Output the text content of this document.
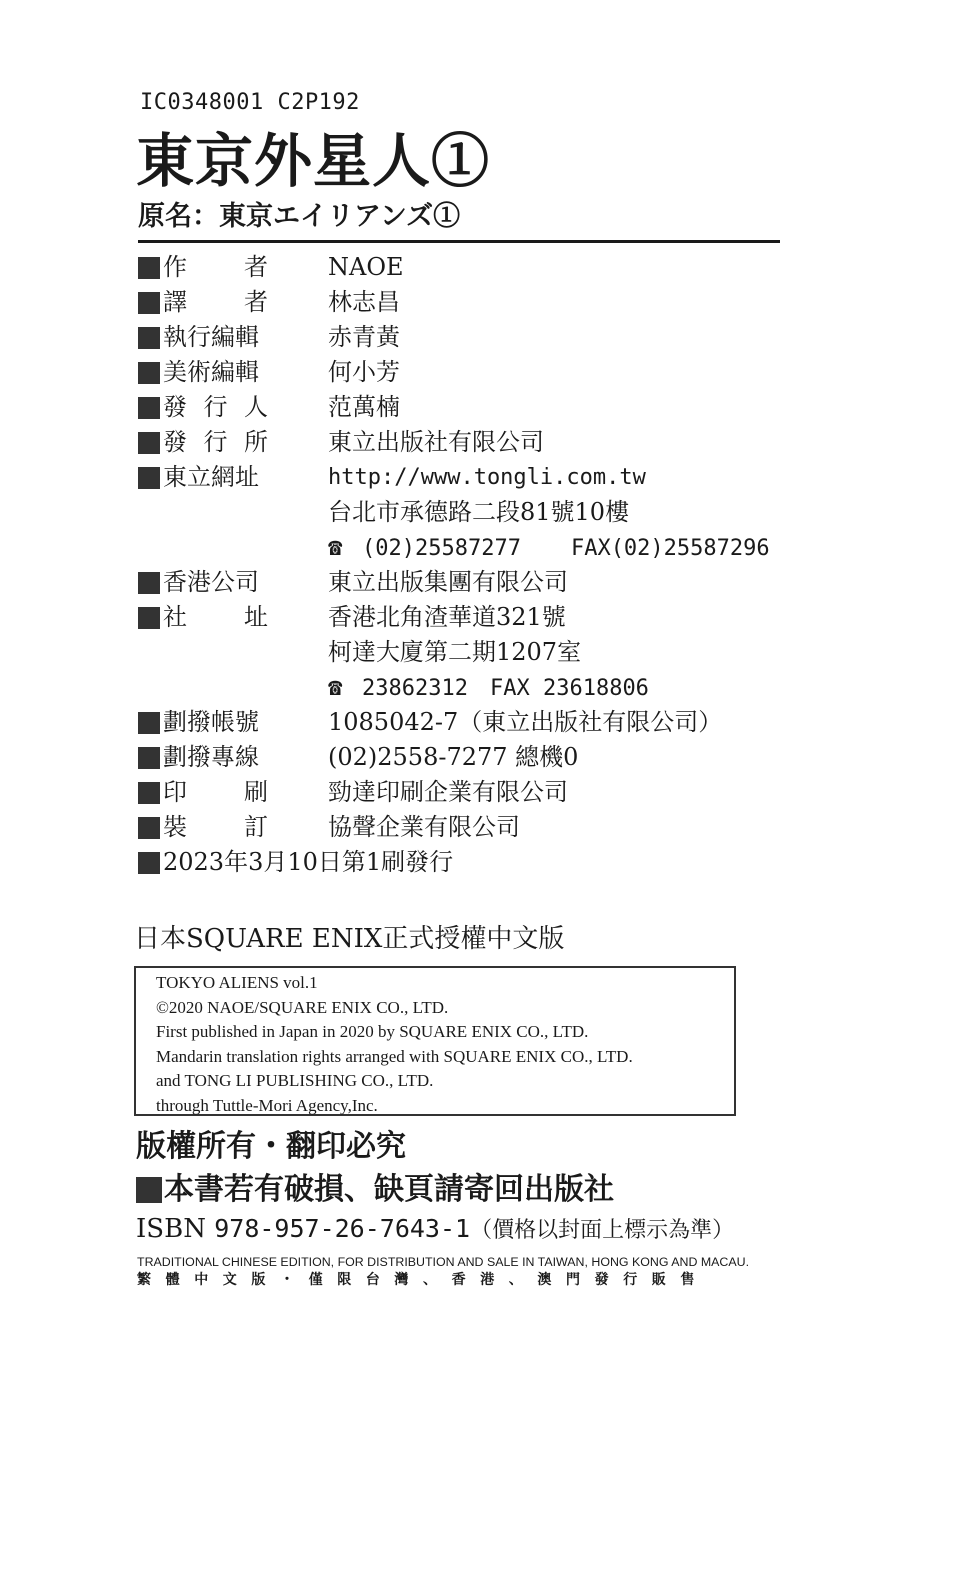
IC0348001 C2P192
東京外星人①
原名：東京エイリアンズ①
作 者	NAOE
譯 者	林志昌
執行編輯	赤青黃
美術編輯	何小芳
發 行 人	范萬楠
發 行 所	東立出版社有限公司
東立網址	http://www.tongli.com.tw
台北市承德路二段81號10樓
☎ (02)25587277 FAX(02)25587296
香港公司	東立出版集團有限公司
社 址	香港北角渣華道321號
柯達大廈第二期1207室
☎ 23862312 FAX 23618806
劃撥帳號	1085042-7（東立出版社有限公司）
劃撥專線	(02)2558-7277 總機0
印 刷	勁達印刷企業有限公司
裝 訂	協聲企業有限公司
2023年3月10日第1刷發行
日本SQUARE ENIX正式授權中文版
TOKYO ALIENS vol.1
©2020 NAOE/SQUARE ENIX CO., LTD.
First published in Japan in 2020 by SQUARE ENIX CO., LTD.
Mandarin translation rights arranged with SQUARE ENIX CO., LTD.
and TONG LI PUBLISHING CO., LTD.
through Tuttle-Mori Agency,Inc.
版權所有・翻印必究
本書若有破損、缺頁請寄回出版社
ISBN 978-957-26-7643-1（價格以封面上標示為準）
TRADITIONAL CHINESE EDITION, FOR DISTRIBUTION AND SALE IN TAIWAN, HONG KONG AND MACAU.
繁體中文版・僅限台灣、香港、澳門發行販售
